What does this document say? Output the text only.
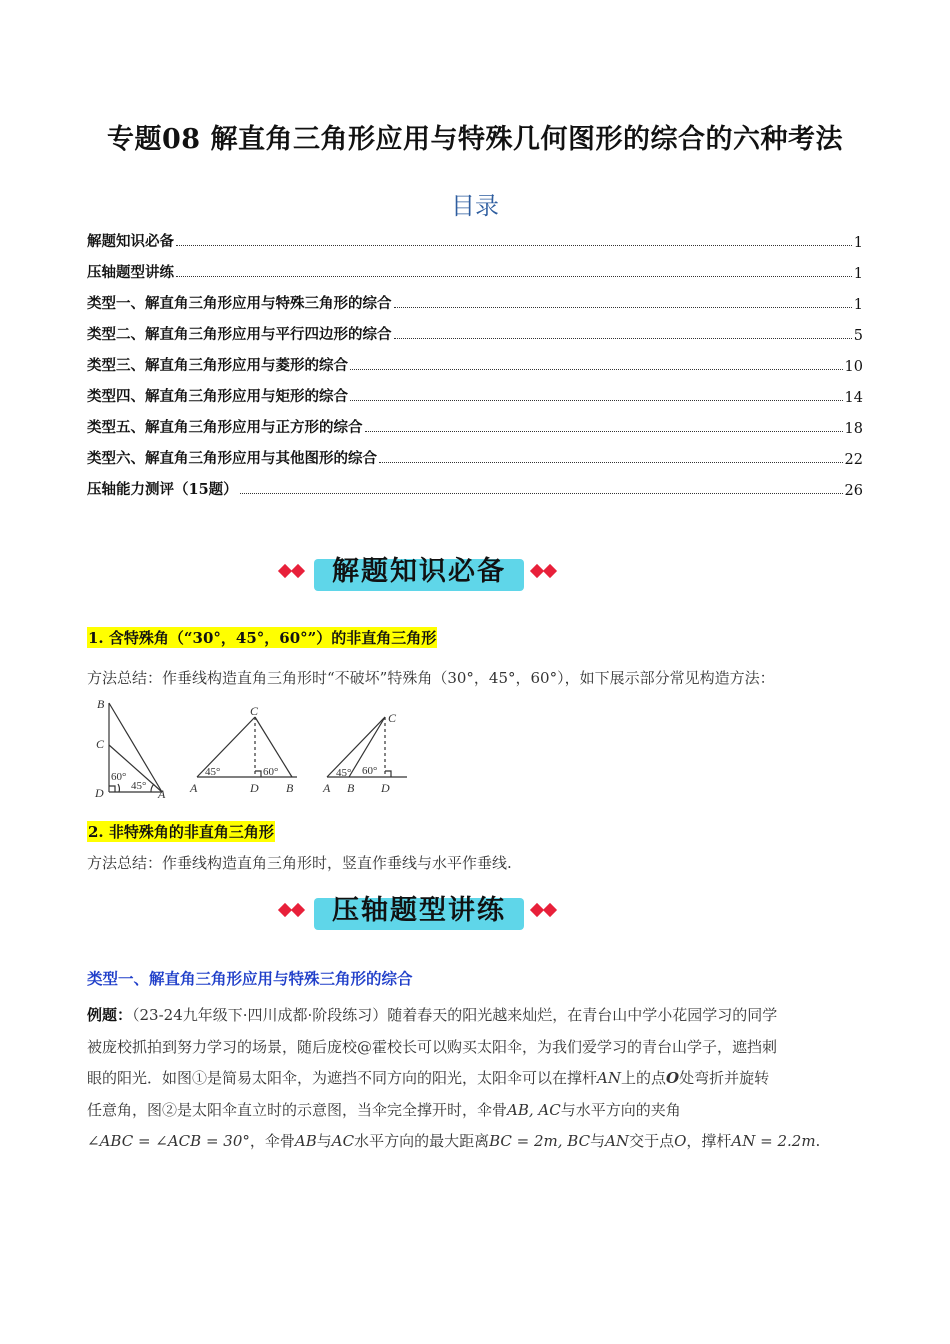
专题08 解直角三角形应用与特殊几何图形的综合的六种考法
目录
解题知识必备	1
压轴题型讲练	1
类型一、解直角三角形应用与特殊三角形的综合	1
类型二、解直角三角形应用与平行四边形的综合	5
类型三、解直角三角形应用与菱形的综合	10
类型四、解直角三角形应用与矩形的综合	14
类型五、解直角三角形应用与正方形的综合	18
类型六、解直角三角形应用与其他图形的综合	22
压轴能力测评（15题）	26
解题知识必备
1. 含特殊角（“30°，45°，60°”）的非直角三角形
方法总结：作垂线构造直角三角形时“不破坏”特殊角（30°，45°，60°），如下展示部分常见构造方法：
B
C
D	A
60°
45°
C
A	D B
45°	60°
C
A B D
45° 60°
2. 非特殊角的非直角三角形
方法总结：作垂线构造直角三角形时，竖直作垂线与水平作垂线.
压轴题型讲练
类型一、解直角三角形应用与特殊三角形的综合
例题：（23-24九年级下·四川成都·阶段练习）随着春天的阳光越来灿烂，在青台山中学小花园学习的同学
被庞校抓拍到努力学习的场景，随后庞校@霍校长可以购买太阳伞，为我们爱学习的青台山学子，遮挡刺
眼的阳光．如图①是简易太阳伞，为遮挡不同方向的阳光，太阳伞可以在撑杆AN上的点O处弯折并旋转
任意角，图②是太阳伞直立时的示意图，当伞完全撑开时，伞骨AB, AC与水平方向的夹角
∠ABC = ∠ACB = 30°，伞骨AB与AC水平方向的最大距离BC = 2m, BC与AN交于点O，撑杆AN = 2.2m.
